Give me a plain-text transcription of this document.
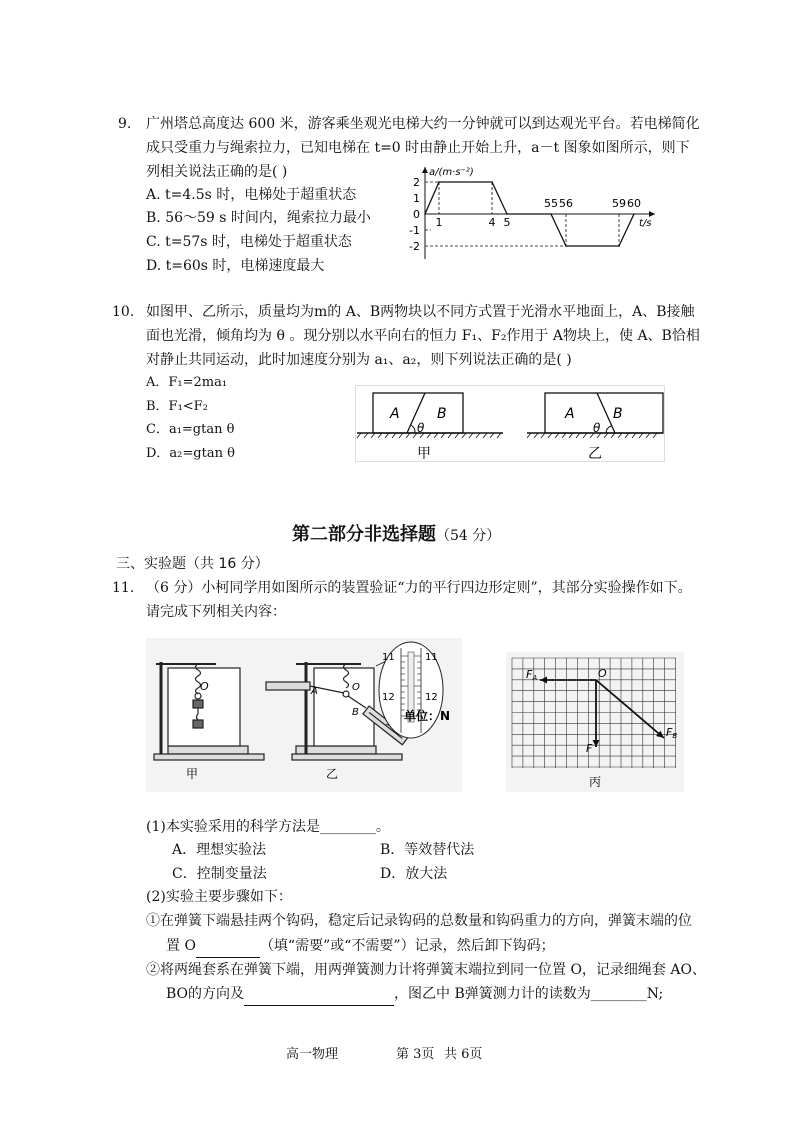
9. 广州塔总高度达 600 米，游客乘坐观光电梯大约一分钟就可以到达观光平台。若电梯简化
成只受重力与绳索拉力，已知电梯在 t=0 时由静止开始上升，a－t 图象如图所示，则下
列相关说法正确的是( )
A. t=4.5s 时，电梯处于超重状态
B. 56～59 s 时间内，绳索拉力最小
C. t=57s 时，电梯处于超重状态
D. t=60s 时，电梯速度最大
a/(m·s⁻²)
t/s
2
1
0
-1
-2
1	4 5
55 56	59 60
10. 如图甲、乙所示，质量均为m的 A、B两物块以不同方式置于光滑水平地面上，A、B接触
面也光滑，倾角均为 θ 。现分别以水平向右的恒力 F₁、F₂作用于 A物块上，使 A、B恰相
对静止共同运动，此时加速度分别为 a₁、a₂，则下列说法正确的是( )
A．F₁=2ma₁
B．F₁<F₂
C．a₁=gtan θ
D．a₂=gtan θ
A	B
θ
甲
A	B
θ
乙
第二部分非选择题（54 分）
三、实验题（共 16 分）
11. （6 分）小柯同学用如图所示的装置验证“力的平行四边形定则”，其部分实验操作如下。
请完成下列相关内容：
O
甲
A	O
B
乙
11	11
12	12
单位：N
FA	O
F
FB
丙
(1)本实验采用的科学方法是________。
A．理想实验法	B．等效替代法
C．控制变量法	D．放大法
(2)实验主要步骤如下：
①在弹簧下端悬挂两个钩码，稳定后记录钩码的总数量和钩码重力的方向，弹簧末端的位
置 O	（填“需要”或“不需要”）记录，然后卸下钩码；
②将两绳套系在弹簧下端，用两弹簧测力计将弹簧末端拉到同一位置 O，记录细绳套 AO、
BO的方向及	，图乙中 B弹簧测力计的读数为________N;
高一物理	第 3页 共 6页
